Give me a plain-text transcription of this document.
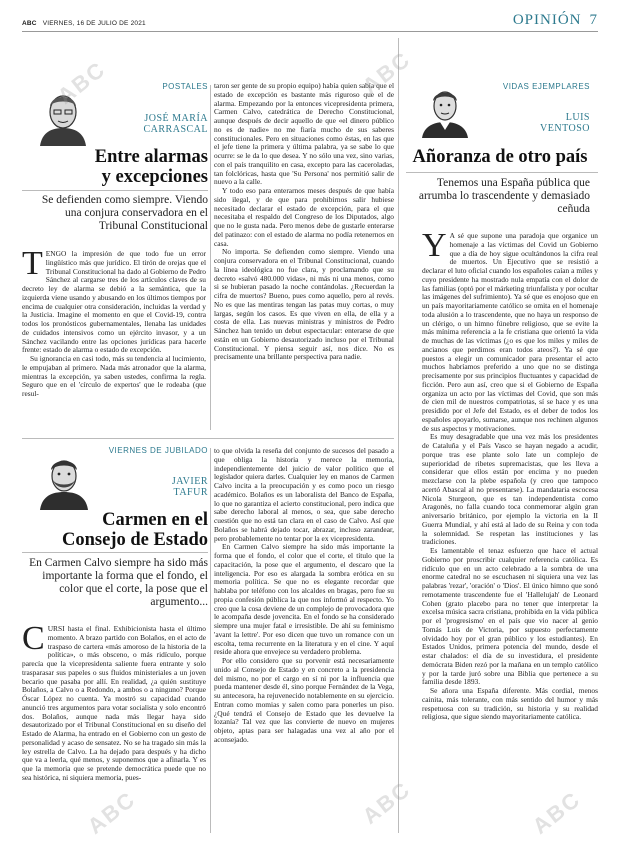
ABC VIERNES, 16 DE JULIO DE 2021	OPINIÓN 7
POSTALES
JOSÉ MARÍA
CARRASCAL
Entre alarmas
y excepciones
Se defienden como siempre. Viendo una conjura conservadora en el Tribunal Constitucional

TENGO la impresión de que todo fue un error lingüístico más que jurídico. El tirón de orejas que el Tribunal Constitucional ha dado al Gobierno de Pedro Sánchez al cargarse tres de los artículos claves de su decreto ley de alarma se debió a la semántica, que la izquierda viene usando y abusando en los últimos tiempos por encima de cualquier otra consideración, incluidas la verdad y la Justicia. Imagine el momento en que el Covid-19, contra todos los pronósticos gubernamentales, llenaba las unidades de cuidados intensivos como un ejército invasor, y a un Sánchez vacilando entre las opciones jurídicas para hacerle frente: estado de alarma o estado de excepción.

Su ignorancia en casi todo, más su tendencia al lucimiento, le empujaban al primero. Nada más atronador que la alarma, mientras la excepción, ya saben ustedes, confirma la regla. Seguro que en el 'círculo de expertos' que le rodeaba (que resul-

taron ser gente de su propio equipo) había quien sabía que el estado de excepción es bastante más riguroso que el de alarma. Empezando por la entonces vicepresidenta primera, Carmen Calvo, catedrática de Derecho Constitucional, aunque después de decir aquello de que «el dinero público no es de nadie» no me fiaría mucho de sus saberes constitucionales. Pero en situaciones como éstas, en las que el jefe tiene la primera y última palabra, ya se sabe lo que ocurre: se le da lo que desea. Y no sólo una vez, sino varias, con el país tranquilito en casa, excepto para las caceroladas, tan folclóricas, hasta que 'Su Persona' nos permitió salir de nuevo a la calle.

Y todo eso para enterarnos meses después de que había sido ilegal, y de que para prohibirnos salir hubiese necesitado declarar el estado de excepción, para el que necesitaba el respaldo del Congreso de los Diputados, algo que no le gusta nada. Pero menos debe de gustarle enterarse del patinazo: con el estado de alarma no podía retenernos en casa.

No importa. Se defienden como siempre. Viendo una conjura conservadora en el Tribunal Constitucional, cuando la línea ideológica no fue clara, y proclamando que su decreto «salvó 480.000 vidas», ni más ni una menos, como si se hubieran pasado la noche contándolas. ¿Recuerdan la cifra de muertos? Bueno, pues como aquello, pero al revés. No es que las mentiras tengan las patas muy cortas, o muy largas, según los casos. Es que viven en ella, de ella y a costa de ella. Las nuevas ministras y ministros de Pedro Sánchez han tenido un debut espectacular: enterarse de que están en un Gobierno desautorizado incluso por el Tribunal Constitucional. Y piensa seguir así, nos dice. No es precisamente una brillante perspectiva para nadie.

VIERNES DE JUBILADO
JAVIER
TAFUR
Carmen en el
Consejo de Estado
En Carmen Calvo siempre ha sido más importante la forma que el fondo, el color que el corte, la pose que el argumento...

CURSI hasta el final. Exhibicionista hasta el último momento. A brazo partido con Bolaños, en el acto de traspaso de cartera «más amoroso de la historia de la política», o más obsceno, o más ridículo, porque parecía que la vicepresidenta saliente fuera entrante y solo trasparasar sus papeles o sus fluidos ministeriales a un joven becario que pasaba por allí. En realidad, ¿a quién sustituye Bolaños, a Calvo o a Redondo, a ambos o a ninguno? Porque Óscar López no cuenta. Ya mostró su capacidad cuando anunció tres argumentos para votar socialista y solo encontró dos. Bolaños, aunque nada más llegar haya sido desautorizado por el Tribunal Constitucional en su diseño del Estado de Alarma, ha entrado en el Gobierno con un gesto de personalidad y acaso de sensatez. No se ha tragado sin más la ley estrella de Calvo. La ha dejado para después y ha dicho que va a leerla, qué menos, y suponemos que a afinarla. Y es que la memoria que se pretende democrática puede que no sea histórica, ni siquiera memoria, pues-

to que olvida la reseña del conjunto de sucesos del pasado a que obliga la historia y merece la memoria, independientemente del juicio de valor político que el legislador quiera darles. Cualquier ley en manos de Carmen Calvo incita a la preocupación y es como poco un riesgo académico. Bolaños es un laboralista del Banco de España, lo que no garantiza el acierto constitucional, pero indica que sabe derecho laboral al menos, o sea, que sabe derecho cuestión que no está tan clara en el caso de Calvo. Así que Bolaños se habrá dejado tocar, abrazar, incluso zarandear, pero probablemente no tentar por la ex vicepresidenta.

En Carmen Calvo siempre ha sido más importante la forma que el fondo, el color que el corte, el título que la capacitación, la pose que el argumento, el descaro que la inteligencia. Por eso es alargada la sombra erótica en su memoria política. Se que no es elegante recordar que hablaba por teléfono con los alcaldes en bragas, pero fue su propia confesión pública la que nos informó al respecto. Yo creo que la cosa deviene de un complejo de provocadora que le acompaña desde jovencita. En el fondo se ha considerado siempre una mujer fatal e irresistible. De ahí su feminismo 'avant la lettre'. Por eso dicen que tuvo un romance con un escolta, tema recurrente en la literatura y en el cine. Y aquí reside ahora que envejece su verdadero problema.

Por ello considero que su porvenir está necesariamente unido al Consejo de Estado y en concreto a la presidencia del mismo, no por el cargo en sí ni por la influencia que pueda mantener desde él, sino porque Fernández de la Vega, su antecesora, ha rejuvenecido notablemente en su ejercicio. Entran como momias y salen como para ponerles un piso. ¿Qué tendrá el Consejo de Estado que les devuelve la lozanía? Tal vez que las convierte de nuevo en mujeres objeto, aptas para ser halagadas una vez al año por el aconsejado.

VIDAS EJEMPLARES
LUIS
VENTOSO
Añoranza de otro país
Tenemos una España pública que arrumba lo trascendente y demasiado ceñuda

Y A sé que supone una paradoja que organice un homenaje a las víctimas del Covid un Gobierno que a día de hoy sigue ocultándonos la cifra real de muertos. Un Ejecutivo que se resistió a declarar el luto oficial cuando los españoles caían a miles y cuyo presidente ha mostrado nula empatía con el dolor de las familias (optó por el márketing triunfalista y por ocultar las imágenes del sufrimiento). Ya sé que es enojoso que en un país mayoritariamente católico se omita en el homenaje toda alusión a lo trascendente, que no haya un responso de un clérigo, o un himno fúnebre religioso, que se evite la más mínima referencia a la fe cristiana que orientó la vida de muchas de las víctimas (¿o es que los miles y miles de ancianos que perdimos eran todos ateos?). Ya sé que puestos a elegir un comunicador para presentar el acto muchos habríamos preferido a uno que no se distinga precisamente por sus principios fluctuantes y capacidad de ficción. Pero aun así, creo que si el Gobierno de España organiza un acto por las víctimas del Covid, que son más de cien mil de nuestros compatriotas, sí se hace y es una presidido por el Jefe del Estado, es el deber de todos los españoles apoyarlo, sumarse, aunque nos rechinen algunos de sus aspectos y motivaciones.

Es muy desagradable que una vez más los presidentes de Cataluña y el País Vasco se hayan negado a acudir, porque tras ese plante solo late un complejo de superioridad de ribetes supremacistas, que les lleva a considerar que ellos están por encima y no pueden mezclarse con la plebe española (y creo que tampoco acertó Abascal al no presentarse). La mandataria escocesa Nicola Sturgeon, que es tan independentista como Aragonès, no falla cuando toca conmemorar algún gran aniversario británico, por ejemplo la victoria en la II Guerra Mundial, y ahí está al lado de su Reina y con toda la solemnidad. Se respetan las instituciones y las tradiciones.

Es lamentable el tenaz esfuerzo que hace el actual Gobierno por proscribir cualquier referencia católica. Es ridículo que en un acto celebrado a la sombra de una enorme catedral no se escuchasen ni siquiera una vez las palabras 'rezar', 'oración' o 'Dios'. El único himno que sonó remotamente trascendente fue el 'Hallelujah' de Leonard Cohen (grato placebo para no tener que interpretar la excelsa música sacra cristiana, prohibida en la vida pública por el 'progresismo' en el país que vio nacer al genio Tomás Luis de Victoria, por supuesto perfectamente olvidado hoy por el gran público y los estudiantes). En Estados Unidos, primera potencia del mundo, desde el estar chalados: el día de su investidura, el presidente demócrata Biden rezó por la mañana en un templo católico y por la tarde juró sobre una Biblia que pertenece a su familia desde 1893.

Se añora una España diferente. Más cordial, menos cainita, más tolerante, con más sentido del humor y más respetuosa con su tradición, su historia y su realidad religiosa, que sigue siendo mayoritariamente católica.

ABC	ABC
ABC	ABC	ABC
